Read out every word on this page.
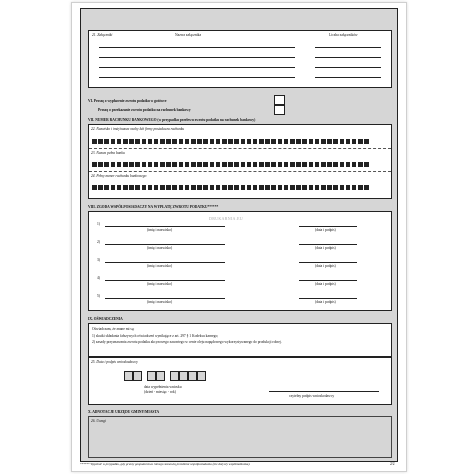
21. Załączniki	Nazwa załącznika	Liczba załączników
VI. Proszę o wypłacenie zwrotu podatku w gotówce
Proszę o przekazanie zwrotu podatku na rachunek bankowy
VII. NUMER RACHUNKU BANKOWEGO (w przypadku przelewu zwrotu podatku na rachunek bankowy)
22. Nazwisko i imię/nazwa osoby lub firmy posiadacza rachunku
23. Nazwa pełna banku
24. Pełny numer rachunku bankowego
VIII. ZGODA WSPÓŁPOSIADACZY NA WYPŁATĘ ZWROTU PODATKU******
DRUKARNIA.EU
1)
(imię i nazwisko)	(data i podpis)
2)
(imię i nazwisko)	(data i podpis)
3)
(imię i nazwisko)	(data i podpis)
4)
(imię i nazwisko)	(data i podpis)
5)
(imię i nazwisko)	(data i podpis)
IX. OŚWIADCZENIA
Oświadczam, że znane mi są:
1) skutki składania fałszywych oświadczeń wynikające z art. 297 § 1 Kodeksu karnego;
2) zasady przyznawania zwrotu podatku akcyzowego zawartego w cenie oleju napędowego wykorzystywanego do produkcji rolnej.
25. Data i podpis wnioskodawcy
data wypełnienia wniosku
(dzień - miesiąc - rok)
czytelny podpis wnioskodawcy
X. ADNOTACJE URZĘDU GMINY/MIASTA
26. Uwagi
****** Wypełnić w przypadku, gdy grunty gospodarstwa rolnego stanowią przedmiot współposiadania (nie dotyczy współmałżonka).	2/2
